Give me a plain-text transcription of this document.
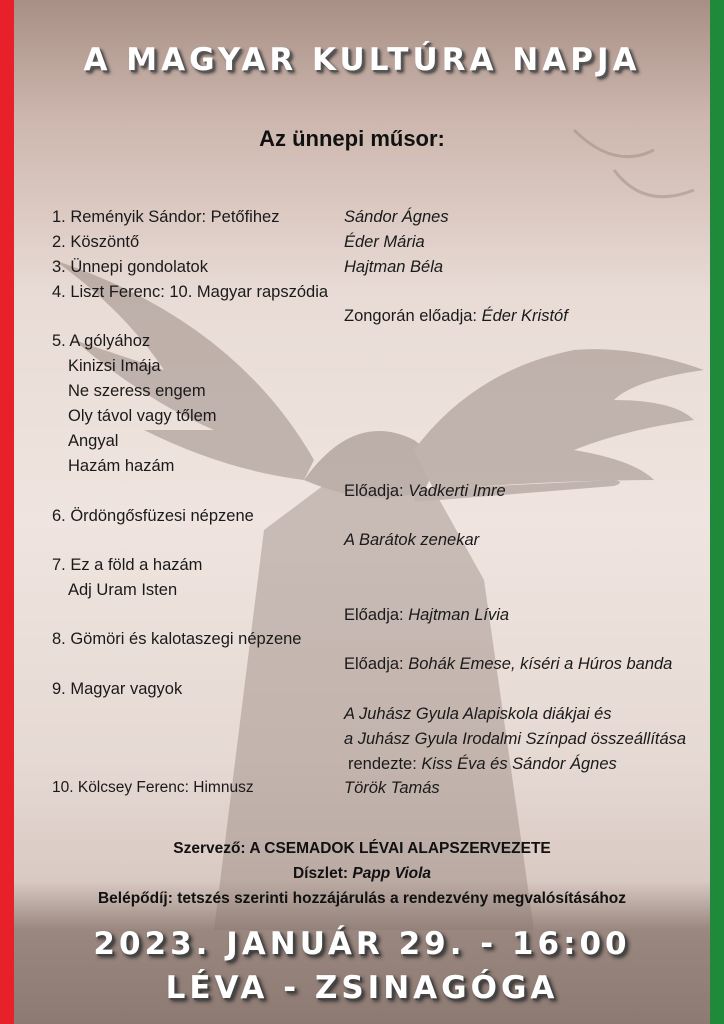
A MAGYAR KULTÚRA NAPJA
Az ünnepi műsor:
1. Reményik Sándor: Petőfihez
2. Köszöntő
3. Ünnepi gondolatok
4. Liszt Ferenc: 10. Magyar rapszódia
5. A gólyához
Kinizsi Imája
Ne szeress engem
Oly távol vagy tőlem
Angyal
Hazám hazám
6. Ördöngősfüzesi népzene
7. Ez a föld a hazám
Adj Uram Isten
8. Gömöri és kalotaszegi népzene
9. Magyar vagyok
10. Kölcsey Ferenc: Himnusz
Sándor Ágnes
Éder Mária
Hajtman Béla
Zongorán előadja: Éder Kristóf
Előadja: Vadkerti Imre
A Barátok zenekar
Előadja: Hajtman Lívia
Előadja: Bohák Emese, kíséri a Húros banda
A Juhász Gyula Alapiskola diákjai és
a Juhász Gyula Irodalmi Színpad összeállítása
rendezte: Kiss Éva és Sándor Ágnes
Török Tamás
Szervező: A CSEMADOK LÉVAI ALAPSZERVEZETE
Díszlet: Papp Viola
Belépődíj: tetszés szerinti hozzájárulás a rendezvény megvalósításához
2023. JANUÁR 29. - 16:00
LÉVA - ZSINAGÓGA
